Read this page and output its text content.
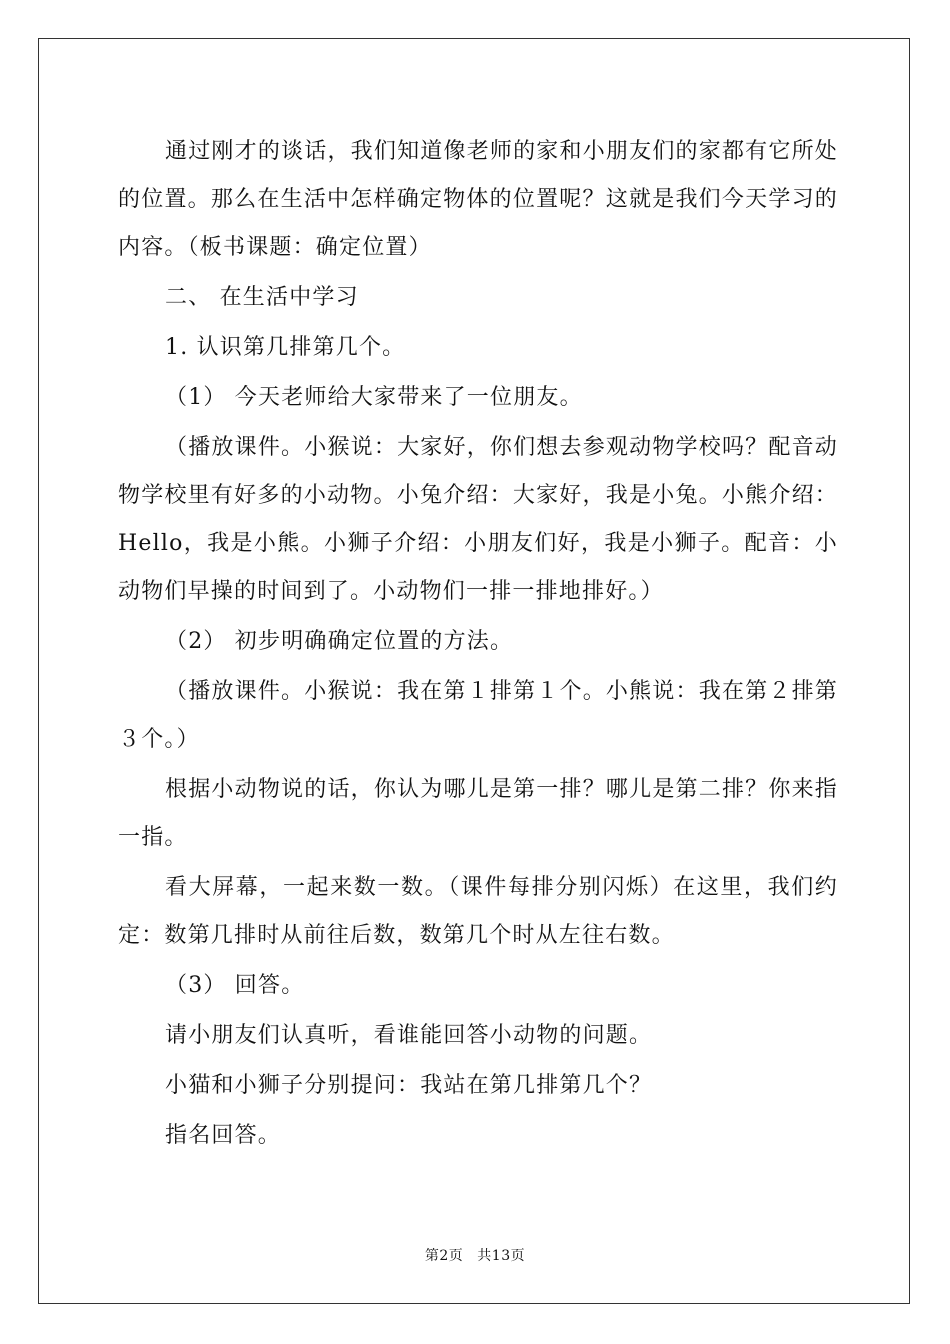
通过刚才的谈话，我们知道像老师的家和小朋友们的家都有它所处的位置。那么在生活中怎样确定物体的位置呢？这就是我们今天学习的内容。（板书课题：确定位置）

二、 在生活中学习

1. 认识第几排第几个。

（1） 今天老师给大家带来了一位朋友。

（播放课件。小猴说：大家好，你们想去参观动物学校吗？配音动物学校里有好多的小动物。小兔介绍：大家好，我是小兔。小熊介绍：Hello，我是小熊。小狮子介绍：小朋友们好，我是小狮子。配音：小动物们早操的时间到了。小动物们一排一排地排好。）

（2） 初步明确确定位置的方法。

（播放课件。小猴说：我在第１排第１个。小熊说：我在第２排第３个。）

根据小动物说的话，你认为哪儿是第一排？哪儿是第二排？你来指一指。

看大屏幕，一起来数一数。（课件每排分别闪烁）在这里，我们约定：数第几排时从前往后数，数第几个时从左往右数。

（3） 回答。

请小朋友们认真听，看谁能回答小动物的问题。

小猫和小狮子分别提问：我站在第几排第几个？

指名回答。

第2页 共13页
